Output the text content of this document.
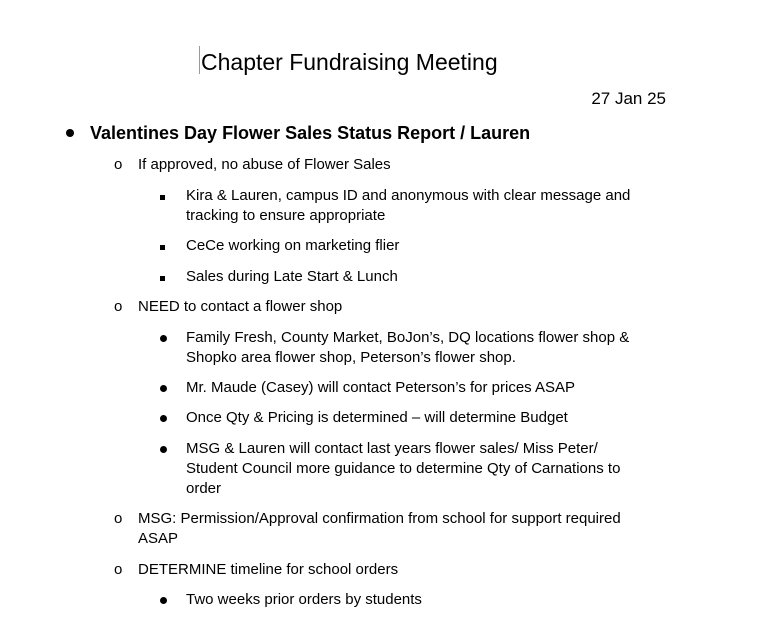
Chapter Fundraising Meeting
27 Jan 25
Valentines Day Flower Sales Status Report / Lauren
o If approved, no abuse of Flower Sales
Kira & Lauren, campus ID and anonymous with clear message and
tracking to ensure appropriate
CeCe working on marketing flier
Sales during Late Start & Lunch
o NEED to contact a flower shop
Family Fresh, County Market, BoJon’s, DQ locations flower shop &
Shopko area flower shop, Peterson’s flower shop.
Mr. Maude (Casey) will contact Peterson’s for prices ASAP
Once Qty & Pricing is determined – will determine Budget
MSG & Lauren will contact last years flower sales/ Miss Peter/
Student Council more guidance to determine Qty of Carnations to
order
o MSG: Permission/Approval confirmation from school for support required
ASAP
o DETERMINE timeline for school orders
Two weeks prior orders by students
